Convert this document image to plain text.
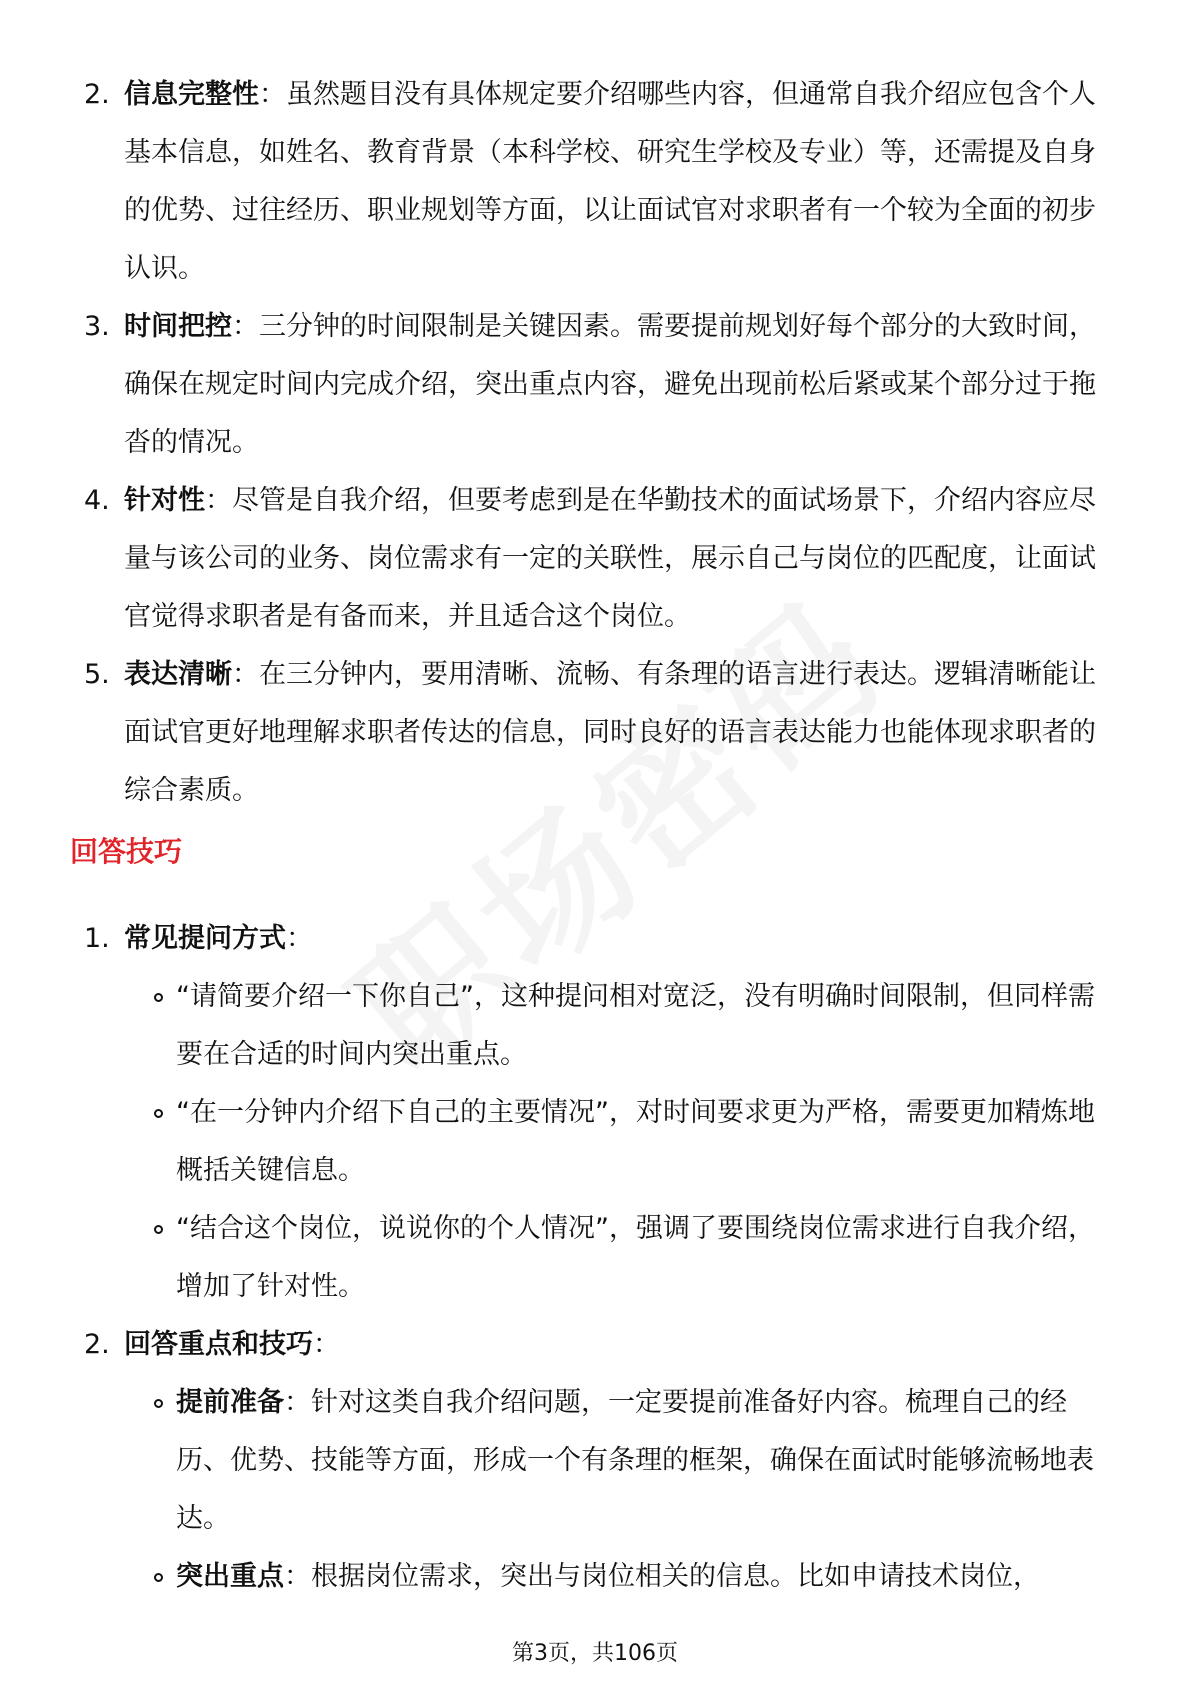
2. 信息完整性：虽然题目没有具体规定要介绍哪些内容，但通常自我介绍应包含个人基本信息，如姓名、教育背景（本科学校、研究生学校及专业）等，还需提及自身的优势、过往经历、职业规划等方面，以让面试官对求职者有一个较为全面的初步认识。
3. 时间把控：三分钟的时间限制是关键因素。需要提前规划好每个部分的大致时间，确保在规定时间内完成介绍，突出重点内容，避免出现前松后紧或某个部分过于拖沓的情况。
4. 针对性：尽管是自我介绍，但要考虑到是在华勤技术的面试场景下，介绍内容应尽量与该公司的业务、岗位需求有一定的关联性，展示自己与岗位的匹配度，让面试官觉得求职者是有备而来，并且适合这个岗位。
5. 表达清晰：在三分钟内，要用清晰、流畅、有条理的语言进行表达。逻辑清晰能让面试官更好地理解求职者传达的信息，同时良好的语言表达能力也能体现求职者的综合素质。
回答技巧
1. 常见提问方式：
“请简要介绍一下你自己”，这种提问相对宽泛，没有明确时间限制，但同样需要在合适的时间内突出重点。
“在一分钟内介绍下自己的主要情况”，对时间要求更为严格，需要更加精炼地概括关键信息。
“结合这个岗位，说说你的个人情况”，强调了要围绕岗位需求进行自我介绍，增加了针对性。
2. 回答重点和技巧：
提前准备：针对这类自我介绍问题，一定要提前准备好内容。梳理自己的经历、优势、技能等方面，形成一个有条理的框架，确保在面试时能够流畅地表达。
突出重点：根据岗位需求，突出与岗位相关的信息。比如申请技术岗位，
第3页，共106页
